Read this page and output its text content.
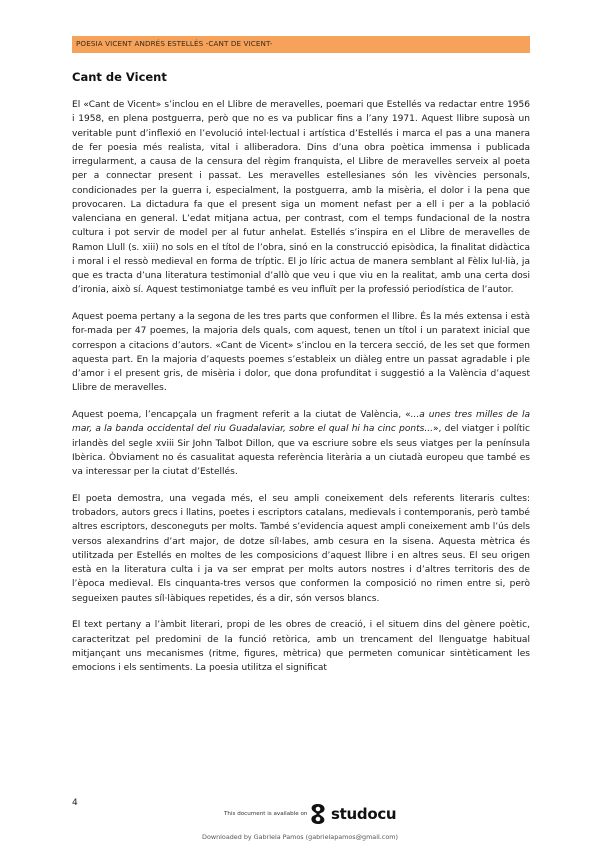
POESIA VICENT ANDRÉS ESTELLÉS -CANT DE VICENT-
Cant de Vicent

El «Cant de Vicent» s’inclou en el Llibre de meravelles, poemari que Estellés va redactar entre 1956 i 1958, en plena postguerra, però que no es va publicar fins a l’any 1971. Aquest llibre suposà un veritable punt d’inflexió en l’evolució intel·lectual i artística d’Estellés i marca el pas a una manera de fer poesia més realista, vital i alliberadora. Dins d’una obra poètica immensa i publicada irregularment, a causa de la censura del règim franquista, el Llibre de meravelles serveix al poeta per a connectar present i passat. Les meravelles estellesianes són les vivències personals, condicionades per la guerra i, especialment, la postguerra, amb la misèria, el dolor i la pena que provocaren. La dictadura fa que el present siga un moment nefast per a ell i per a la població valenciana en general. L’edat mitjana actua, per contrast, com el temps fundacional de la nostra cultura i pot servir de model per al futur anhelat. Estellés s’inspira en el Llibre de meravelles de Ramon Llull (s. xiii) no sols en el títol de l’obra, sinó en la construcció episòdica, la finalitat didàctica i moral i el ressò medieval en forma de tríptic. El jo líric actua de manera semblant al Fèlix lul·lià, ja que es tracta d’una literatura testimonial d’allò que veu i que viu en la realitat, amb una certa dosi d’ironia, això sí. Aquest testimoniatge també es veu influït per la professió periodística de l’autor.

Aquest poema pertany a la segona de les tres parts que conformen el llibre. És la més extensa i està for-mada per 47 poemes, la majoria dels quals, com aquest, tenen un títol i un paratext inicial que correspon a citacions d’autors. «Cant de Vicent» s’inclou en la tercera secció, de les set que formen aquesta part. En la majoria d’aquests poemes s’estableix un diàleg entre un passat agradable i ple d’amor i el present gris, de misèria i dolor, que dona profunditat i suggestió a la València d’aquest Llibre de meravelles.

Aquest poema, l’encapçala un fragment referit a la ciutat de València, «...a unes tres milles de la mar, a la banda occidental del riu Guadalaviar, sobre el qual hi ha cinc ponts...», del viatger i polític irlandès del segle xviii Sir John Talbot Dillon, que va escriure sobre els seus viatges per la península Ibèrica. Òbviament no és casualitat aquesta referència literària a un ciutadà europeu que també es va interessar per la ciutat d’Estellés.

El poeta demostra, una vegada més, el seu ampli coneixement dels referents literaris cultes: trobadors, autors grecs i llatins, poetes i escriptors catalans, medievals i contemporanis, però també altres escriptors, desconeguts per molts. També s’evidencia aquest ampli coneixement amb l’ús dels versos alexandrins d’art major, de dotze síl·labes, amb cesura en la sisena. Aquesta mètrica és utilitzada per Estellés en moltes de les composicions d’aquest llibre i en altres seus. El seu origen està en la literatura culta i ja va ser emprat per molts autors nostres i d’altres territoris des de l’època medieval. Els cinquanta-tres versos que conformen la composició no rimen entre si, però segueixen pautes síl·làbiques repetides, és a dir, són versos blancs.

El text pertany a l’àmbit literari, propi de les obres de creació, i el situem dins del gènere poètic, caracteritzat pel predomini de la funció retòrica, amb un trencament del llenguatge habitual mitjançant uns mecanismes (ritme, figures, mètrica) que permeten comunicar sintèticament les emocions i els sentiments. La poesia utilitza el significat

4
This document is available on studocu
Downloaded by Gabriela Pamos (gabrielapamos@gmail.com)
